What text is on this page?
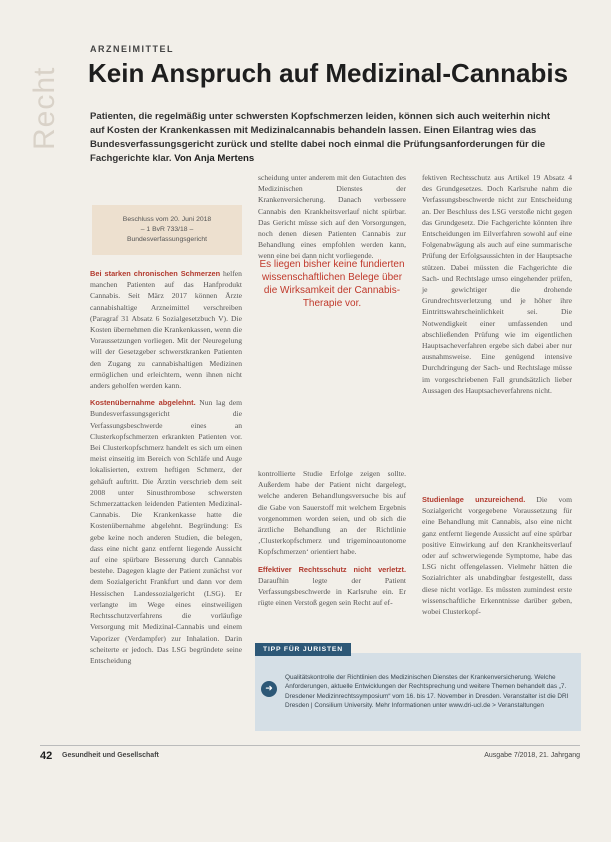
Recht
ARZNEIMITTEL
Kein Anspruch auf Medizinal-Cannabis
Patienten, die regelmäßig unter schwersten Kopfschmerzen leiden, können sich auch weiterhin nicht auf Kosten der Krankenkassen mit Medizinalcannabis behandeln lassen. Einen Eilantrag wies das Bundesverfassungsgericht zurück und stellte dabei noch einmal die Prüfungsanforderungen für die Fachgerichte klar. Von Anja Mertens
Beschluss vom 20. Juni 2018
– 1 BvR 733/18 –
Bundesverfassungsgericht

Bei starken chronischen Schmerzen helfen manchen Patienten auf das Hanfprodukt Cannabis. Seit März 2017 können Ärzte cannabishaltige Arzneimittel verschreiben (Paragraf 31 Absatz 6 Sozialgesetzbuch V). Die Kosten übernehmen die Krankenkassen, wenn die Voraussetzungen vorliegen. Mit der Neuregelung will der Gesetzgeber schwerstkranken Patienten den Zugang zu cannabishaltigen Medizinen ermöglichen und erleichtern, wenn ihnen nicht anders geholfen werden kann.

Kostenübernahme abgelehnt. Nun lag dem Bundesverfassungsgericht die Verfassungsbeschwerde eines an Clusterkopfschmerzen erkrankten Patienten vor. Bei Clusterkopfschmerz handelt es sich um einen meist einseitig im Bereich von Schläfe und Auge lokalisierten, extrem heftigen Schmerz, der gehäuft auftritt. Die Ärztin verschrieb dem seit 2008 unter Sinusthrombose schwersten Schmerzattacken leidenden Patienten Medizinal-Cannabis. Die Krankenkasse hatte die Kostenübernahme abgelehnt. Begründung: Es gebe keine noch anderen Studien, die belegen, dass eine nicht ganz entfernt liegende Aussicht auf eine spürbare Besserung durch Cannabis bestehe. Dagegen klagte der Patient zunächst vor dem Sozialgericht Frankfurt und dann vor dem Hessischen Landessozialgericht (LSG). Er verlangte im Wege eines einstweiligen Rechtsschutzverfahrens die vorläufige Versorgung mit Medizinal-Cannabis und einem Vaporizer (Verdampfer) zur Inhalation. Darin scheiterte er jedoch. Das LSG begründete seine Entscheidung

scheidung unter anderem mit den Gutachten des Medizinischen Dienstes der Krankenversicherung. Danach verbessere Cannabis den Krankheitsverlauf nicht spürbar. Das Gericht müsse sich auf den Vorsorgungen, noch denen diesen Patienten Cannabis zur Behandlung eines empfohlen werden kann, wenn eine bei dann nicht vorliegende.

Es liegen bisher keine fundierten wissenschaftlichen Belege über die Wirksamkeit der Cannabis-Therapie vor.

kontrollierte Studie Erfolge zeigen sollte. Außerdem habe der Patient nicht dargelegt, welche anderen Behandlungsversuche bis auf die Gabe von Sauerstoff mit welchem Ergebnis vorgenommen worden seien, und ob sich die ärztliche Behandlung an der Richtlinie ‚Clusterkopfschmerz und trigeminoautonome Kopfschmerzen‘ orientiert habe.

Effektiver Rechtsschutz nicht verletzt. Daraufhin legte der Patient Verfassungsbeschwerde in Karlsruhe ein. Er rügte einen Verstoß gegen sein Recht auf ef-

fektiven Rechtsschutz aus Artikel 19 Absatz 4 des Grundgesetzes. Doch Karlsruhe nahm die Verfassungsbeschwerde nicht zur Entscheidung an. Der Beschluss des LSG verstoße nicht gegen das Grundgesetz. Die Fachgerichte könnten ihre Entscheidungen im Eilverfahren sowohl auf eine Folgenabwägung als auch auf eine summarische Prüfung der Erfolgsaussichten in der Hauptsache stützen. Dabei müssten die Fachgerichte die Sach- und Rechtslage umso eingehender prüfen, je gewichtiger die drohende Grundrechtsverletzung und je höher ihre Eintrittswahrscheinlichkeit sei. Die Notwendigkeit einer umfassenden und abschließenden Prüfung wie im eigentlichen Hauptsacheverfahren ergebe sich dabei aber nur ausnahmsweise. Eine genügend intensive Durchdringung der Sach- und Rechtslage müsse im vorgeschriebenen Fall grundsätzlich lieber Aussagen des Hauptsacheverfahrens nicht.

Studienlage unzureichend. Die vom Sozialgericht vorgegebene Voraussetzung für eine Behandlung mit Cannabis, also eine nicht ganz entfernt liegende Aussicht auf eine spürbar positive Einwirkung auf den Krankheitsverlauf oder auf schwerwiegende Symptome, habe das LSG nicht offengelassen. Vielmehr hätten die Sozialrichter als unabdingbar festgestellt, dass diese nicht vorläge. Es müssten zumindest erste wissenschaftliche Erkenntnisse darüber geben, wobei Clusterkopf-

TIPP FÜR JURISTEN
➜
Qualitätskontrolle der Richtlinien des Medizinischen Dienstes der Krankenversicherung. Welche Anforderungen, aktuelle Entwicklungen der Rechtsprechung und weitere Themen behandelt das „7. Dresdener Medizinrechtssymposium“ vom 16. bis 17. November in Dresden. Veranstalter ist die DRI Dresden | Consilium University. Mehr Informationen unter www.dri-ucl.de > Veranstaltungen
42 Gesundheit und Gesellschaft	Ausgabe 7/2018, 21. Jahrgang
